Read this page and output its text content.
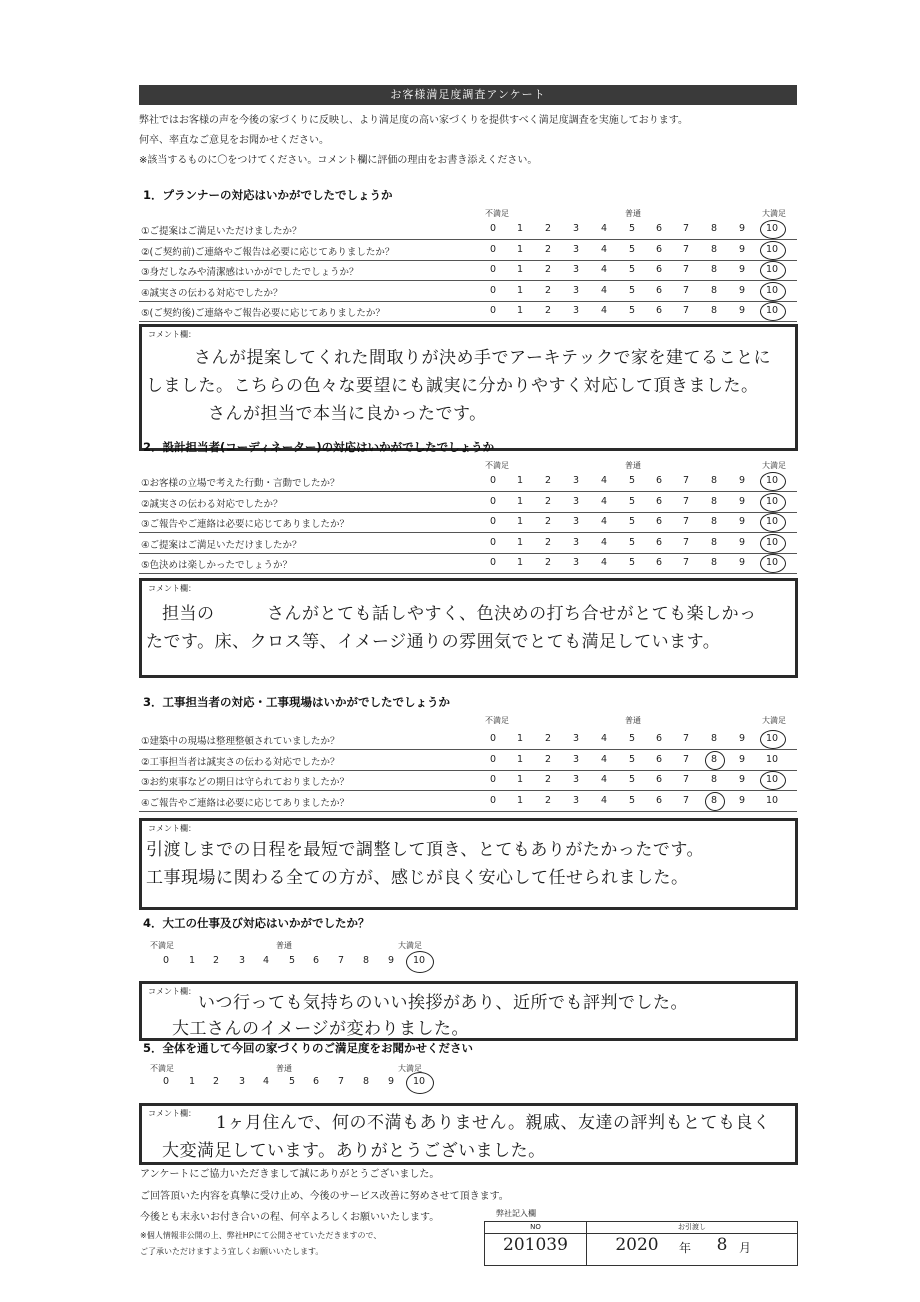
お客様満足度調査アンケート
弊社ではお客様の声を今後の家づくりに反映し、より満足度の高い家づくりを提供すべく満足度調査を実施しております。
何卒、率直なご意見をお聞かせください。
※該当するものに〇をつけてください。コメント欄に評価の理由をお書き添えください。
1．プランナーの対応はいかがでしたでしょうか
不満足	普通	大満足
①ご提案はご満足いただけましたか？	0	1	2	3	4	5	6	7	8	9	10
②(ご契約前)ご連絡やご報告は必要に応じてありましたか？	0	1	2	3	4	5	6	7	8	9	10
③身だしなみや清潔感はいかがでしたでしょうか？	0	1	2	3	4	5	6	7	8	9	10
④誠実さの伝わる対応でしたか？	0	1	2	3	4	5	6	7	8	9	10
⑤(ご契約後)ご連絡やご報告必要に応じてありましたか？	0	1	2	3	4	5	6	7	8	9	10
コメント欄：
さんが提案してくれた間取りが決め手でアーキテックで家を建てることに
しました。こちらの色々な要望にも誠実に分かりやすく対応して頂きました。
さんが担当で本当に良かったです。
2．設計担当者(コーディネーター)の対応はいかがでしたでしょうか
不満足	普通	大満足
①お客様の立場で考えた行動・言動でしたか？	0	1	2	3	4	5	6	7	8	9	10
②誠実さの伝わる対応でしたか？	0	1	2	3	4	5	6	7	8	9	10
③ご報告やご連絡は必要に応じてありましたか？	0	1	2	3	4	5	6	7	8	9	10
④ご提案はご満足いただけましたか？	0	1	2	3	4	5	6	7	8	9	10
⑤色決めは楽しかったでしょうか？	0	1	2	3	4	5	6	7	8	9	10
コメント欄：
担当の　　　さんがとても話しやすく、色決めの打ち合せがとても楽しかっ
たです。床、クロス等、イメージ通りの雰囲気でとても満足しています。
3．工事担当者の対応・工事現場はいかがでしたでしょうか
不満足	普通	大満足
①建築中の現場は整理整頓されていましたか？	0	1	2	3	4	5	6	7	8	9	10
②工事担当者は誠実さの伝わる対応でしたか？	0	1	2	3	4	5	6	7	8	9	10
③お約束事などの期日は守られておりましたか？	0	1	2	3	4	5	6	7	8	9	10
④ご報告やご連絡は必要に応じてありましたか？	0	1	2	3	4	5	6	7	8	9	10
コメント欄：
引渡しまでの日程を最短で調整して頂き、とてもありがたかったです。
工事現場に関わる全ての方が、感じが良く安心して任せられました。
4．大工の仕事及び対応はいかがでしたか？
不満足	普通	大満足
0	1	2	3	4	5	6	7	8	9	10
コメント欄：
いつ行っても気持ちのいい挨拶があり、近所でも評判でした。
大工さんのイメージが変わりました。
5．全体を通して今回の家づくりのご満足度をお聞かせください
不満足	普通	大満足
0	1	2	3	4	5	6	7	8	9	10
コメント欄： 1ヶ月住んで、何の不満もありません。親戚、友達の評判もとても良く
大変満足しています。ありがとうございました。
アンケートにご協力いただきまして誠にありがとうございました。
ご回答頂いた内容を真摯に受け止め、今後のサービス改善に努めさせて頂きます。
今後とも末永いお付き合いの程、何卒よろしくお願いいたします。
※個人情報非公開の上、弊社HPにて公開させていただきますので、
ご了承いただけますよう宜しくお願いいたします。
弊社記入欄
NO	お引渡し
201039	2020	年	8 月
